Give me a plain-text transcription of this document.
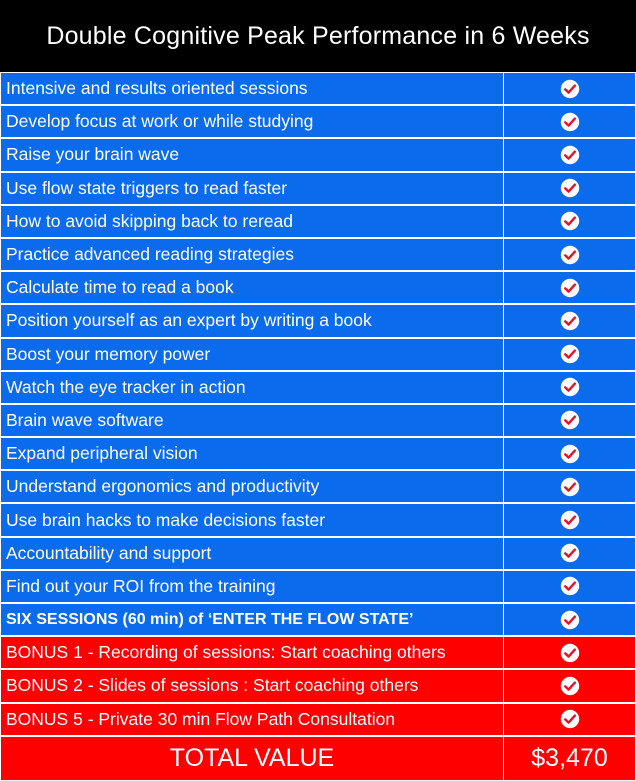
Double Cognitive Peak Performance in 6 Weeks
Intensive and results oriented sessions
Develop focus at work or while studying
Raise your brain wave
Use flow state triggers to read faster
How to avoid skipping back to reread
Practice advanced reading strategies
Calculate time to read a book
Position yourself as an expert by writing a book
Boost your memory power
Watch the eye tracker in action
Brain wave software
Expand peripheral vision
Understand ergonomics and productivity
Use brain hacks to make decisions faster
Accountability and support
Find out your ROI from the training
SIX SESSIONS (60 min) of ‘ENTER THE FLOW STATE’
BONUS 1 - Recording of sessions: Start coaching others
BONUS 2 - Slides of sessions : Start coaching others
BONUS 5 - Private 30 min Flow Path Consultation
TOTAL VALUE	$3,470
